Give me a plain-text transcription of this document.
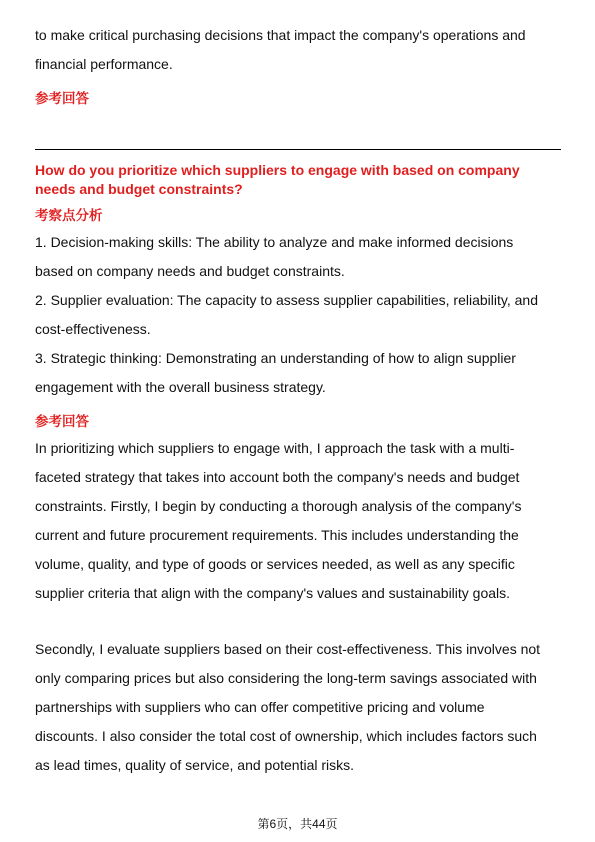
to make critical purchasing decisions that impact the company's operations and
financial performance.
参考回答
How do you prioritize which suppliers to engage with based on company
needs and budget constraints?
考察点分析
1. Decision-making skills: The ability to analyze and make informed decisions
based on company needs and budget constraints.
2. Supplier evaluation: The capacity to assess supplier capabilities, reliability, and
cost-effectiveness.
3. Strategic thinking: Demonstrating an understanding of how to align supplier
engagement with the overall business strategy.
参考回答
In prioritizing which suppliers to engage with, I approach the task with a multi-
faceted strategy that takes into account both the company's needs and budget
constraints. Firstly, I begin by conducting a thorough analysis of the company's
current and future procurement requirements. This includes understanding the
volume, quality, and type of goods or services needed, as well as any specific
supplier criteria that align with the company's values and sustainability goals.
Secondly, I evaluate suppliers based on their cost-effectiveness. This involves not
only comparing prices but also considering the long-term savings associated with
partnerships with suppliers who can offer competitive pricing and volume
discounts. I also consider the total cost of ownership, which includes factors such
as lead times, quality of service, and potential risks.
第6页，共44页
